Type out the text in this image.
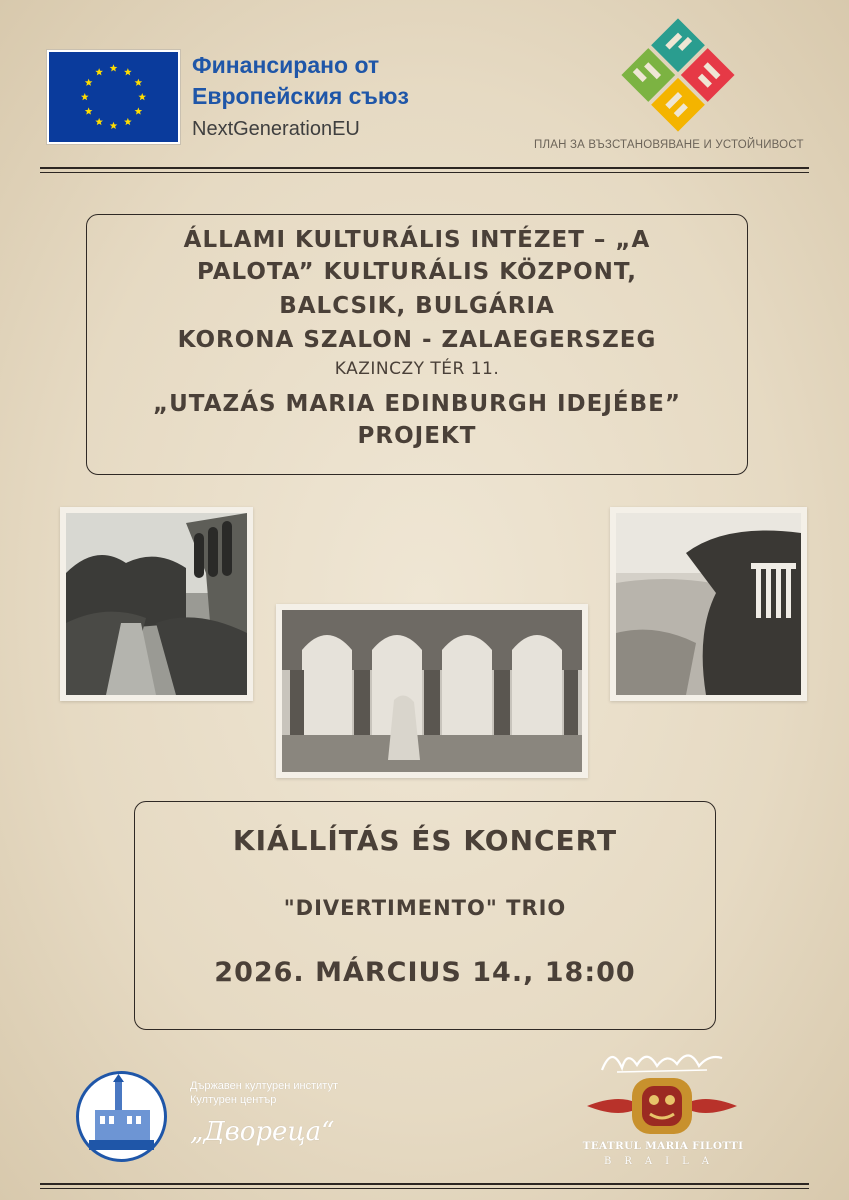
Финансирано от
Европейския съюз
NextGenerationEU
ПЛАН ЗА ВЪЗСТАНОВЯВАНЕ И УСТОЙЧИВОСТ
ÁLLAMI KULTURÁLIS INTÉZET – „A
PALOTA” KULTURÁLIS KÖZPONT,
BALCSIK, BULGÁRIA
KORONA SZALON - ZALAEGERSZEG
KAZINCZY TÉR 11.
„UTAZÁS MARIA EDINBURGH IDEJÉBE”
PROJEKT
KIÁLLÍTÁS ÉS KONCERT
"DIVERTIMENTO" TRIO
2026. MÁRCIUS 14., 18:00
Държавен културен институт
Културен център
„Двореца“	TEATRUL MARIA FILOTTI
BRAILA
